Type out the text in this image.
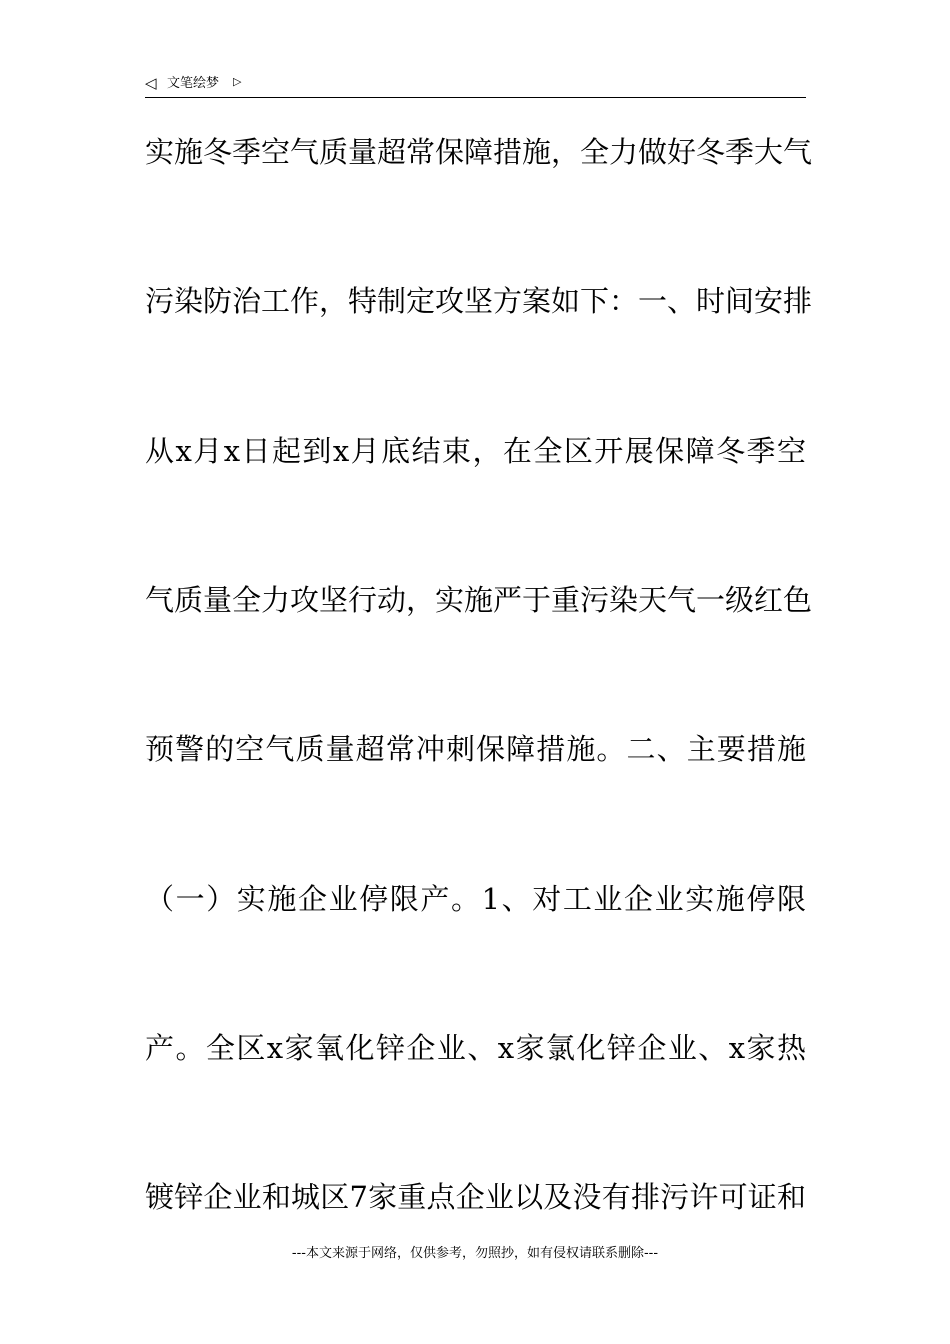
◁ 文笔绘梦 ▷
实施冬季空气质量超常保障措施，全力做好冬季大气
污染防治工作，特制定攻坚方案如下：一、时间安排
从x月x日起到x月底结束，在全区开展保障冬季空
气质量全力攻坚行动，实施严于重污染天气一级红色
预警的空气质量超常冲刺保障措施。二、主要措施
（一）实施企业停限产。1、对工业企业实施停限
产。全区x家氧化锌企业、x家氯化锌企业、x家热
镀锌企业和城区7家重点企业以及没有排污许可证和
---本文来源于网络，仅供参考，勿照抄，如有侵权请联系删除---
